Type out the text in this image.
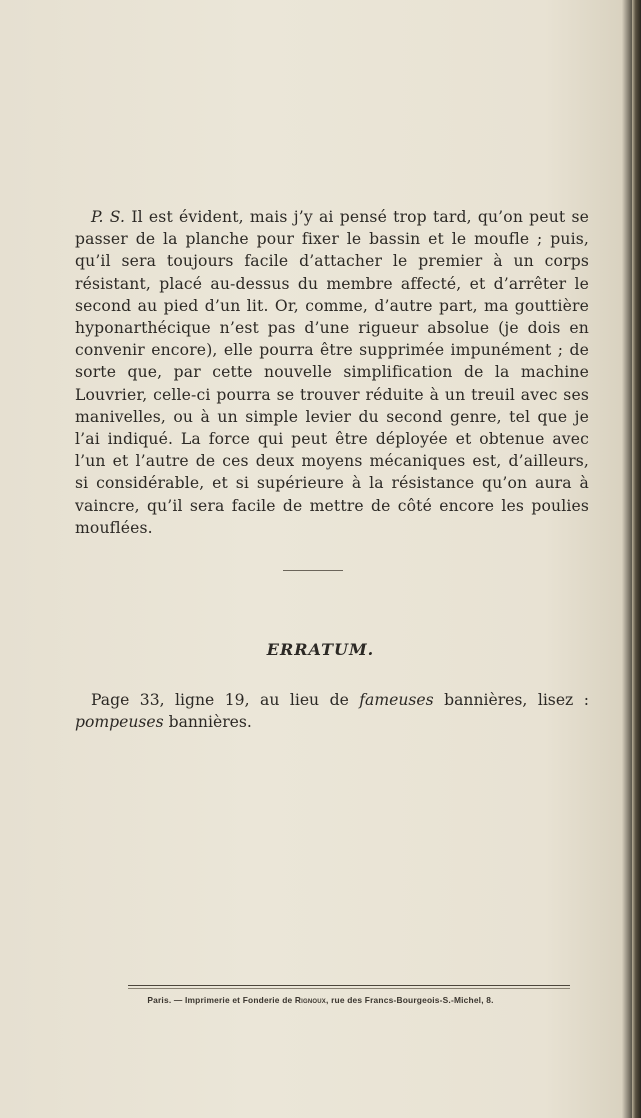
P. S. Il est évident, mais j’y ai pensé trop tard, qu’on peut se passer de la planche pour fixer le bassin et le moufle ; puis, qu’il sera toujours facile d’attacher le premier à un corps résistant, placé au-dessus du membre affecté, et d’arrêter le second au pied d’un lit. Or, comme, d’autre part, ma gouttière hyponarthécique n’est pas d’une rigueur absolue (je dois en convenir encore), elle pourra être supprimée impunément ; de sorte que, par cette nouvelle simplification de la machine Louvrier, celle-ci pourra se trouver réduite à un treuil avec ses manivelles, ou à un simple levier du second genre, tel que je l’ai indiqué. La force qui peut être déployée et obtenue avec l’un et l’autre de ces deux moyens mécaniques est, d’ailleurs, si considérable, et si supérieure à la résistance qu’on aura à vaincre, qu’il sera facile de mettre de côté encore les poulies mouflées.

ERRATUM.

Page 33, ligne 19, au lieu de fameuses bannières, lisez : pompeuses bannières.

Paris. — Imprimerie et Fonderie de Rignoux, rue des Francs-Bourgeois-S.-Michel, 8.
